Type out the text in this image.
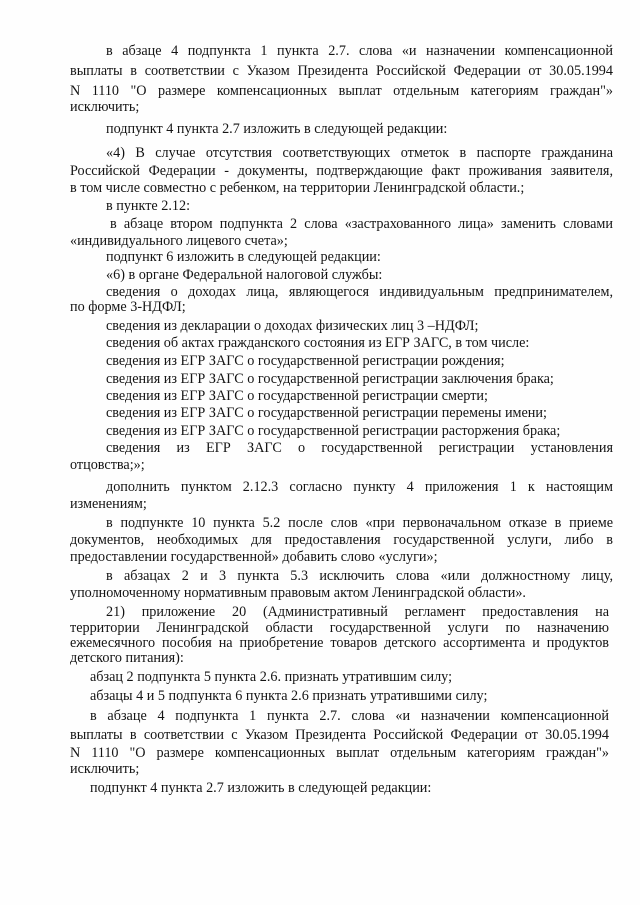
в абзаце 4 подпункта 1 пункта 2.7. слова «и назначении компенсационной
выплаты в соответствии с Указом Президента Российской Федерации от 30.05.1994
N 1110 "О размере компенсационных выплат отдельным категориям граждан"»
исключить;
подпункт 4 пункта 2.7 изложить в следующей редакции:
«4) В случае отсутствия соответствующих отметок в паспорте гражданина
Российской Федерации - документы, подтверждающие факт проживания заявителя,
в том числе совместно с ребенком, на территории Ленинградской области.;
в пункте 2.12:
в абзаце втором подпункта 2 слова «застрахованного лица» заменить словами
«индивидуального лицевого счета»;
подпункт 6 изложить в следующей редакции:
«6) в органе Федеральной налоговой службы:
сведения о доходах лица, являющегося индивидуальным предпринимателем,
по форме 3-НДФЛ;
сведения из декларации о доходах физических лиц 3 –НДФЛ;
сведения об актах гражданского состояния из ЕГР ЗАГС, в том числе:
сведения из ЕГР ЗАГС о государственной регистрации рождения;
сведения из ЕГР ЗАГС о государственной регистрации заключения брака;
сведения из ЕГР ЗАГС о государственной регистрации смерти;
сведения из ЕГР ЗАГС о государственной регистрации перемены имени;
сведения из ЕГР ЗАГС о государственной регистрации расторжения брака;
сведения из ЕГР ЗАГС о государственной регистрации установления
отцовства;»;
дополнить пунктом 2.12.3 согласно пункту 4 приложения 1 к настоящим
изменениям;
в подпункте 10 пункта 5.2 после слов «при первоначальном отказе в приеме
документов, необходимых для предоставления государственной услуги, либо в
предоставлении государственной» добавить слово «услуги»;
в абзацах 2 и 3 пункта 5.3 исключить слова «или должностному лицу,
уполномоченному нормативным правовым актом Ленинградской области».
21) приложение 20 (Административный регламент предоставления на
территории Ленинградской области государственной услуги по назначению
ежемесячного пособия на приобретение товаров детского ассортимента и продуктов
детского питания):
абзац 2 подпункта 5 пункта 2.6. признать утратившим силу;
абзацы 4 и 5 подпункта 6 пункта 2.6 признать утратившими силу;
в абзаце 4 подпункта 1 пункта 2.7. слова «и назначении компенсационной
выплаты в соответствии с Указом Президента Российской Федерации от 30.05.1994
N 1110 "О размере компенсационных выплат отдельным категориям граждан"»
исключить;
подпункт 4 пункта 2.7 изложить в следующей редакции:
